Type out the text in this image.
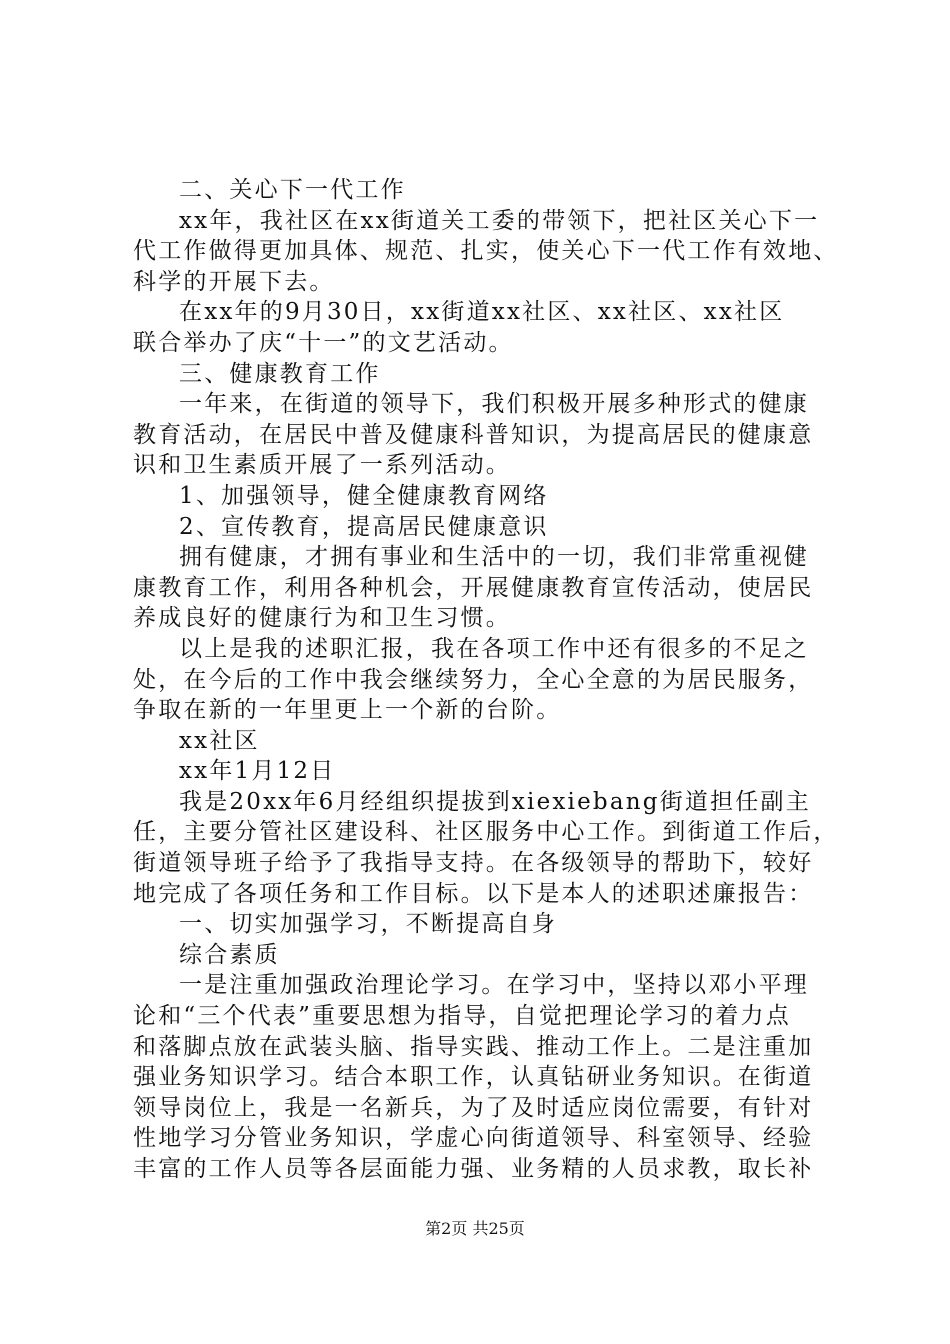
二、关心下一代工作
xx年，我社区在xx街道关工委的带领下，把社区关心下一
代工作做得更加具体、规范、扎实，使关心下一代工作有效地、
科学的开展下去。
在xx年的9月30日，xx街道xx社区、xx社区、xx社区
联合举办了庆“十一”的文艺活动。
三、健康教育工作
一年来，在街道的领导下，我们积极开展多种形式的健康
教育活动，在居民中普及健康科普知识，为提高居民的健康意
识和卫生素质开展了一系列活动。
1、加强领导，健全健康教育网络
2、宣传教育，提高居民健康意识
拥有健康，才拥有事业和生活中的一切，我们非常重视健
康教育工作，利用各种机会，开展健康教育宣传活动，使居民
养成良好的健康行为和卫生习惯。
以上是我的述职汇报，我在各项工作中还有很多的不足之
处，在今后的工作中我会继续努力，全心全意的为居民服务，
争取在新的一年里更上一个新的台阶。
xx社区
xx年1月12日
我是20xx年6月经组织提拔到xiexiebang街道担任副主
任，主要分管社区建设科、社区服务中心工作。到街道工作后，
街道领导班子给予了我指导支持。在各级领导的帮助下，较好
地完成了各项任务和工作目标。以下是本人的述职述廉报告：
一、切实加强学习，不断提高自身
综合素质
一是注重加强政治理论学习。在学习中，坚持以邓小平理
论和“三个代表”重要思想为指导，自觉把理论学习的着力点
和落脚点放在武装头脑、指导实践、推动工作上。二是注重加
强业务知识学习。结合本职工作，认真钻研业务知识。在街道
领导岗位上，我是一名新兵，为了及时适应岗位需要，有针对
性地学习分管业务知识，学虚心向街道领导、科室领导、经验
丰富的工作人员等各层面能力强、业务精的人员求教，取长补
第2页 共25页
